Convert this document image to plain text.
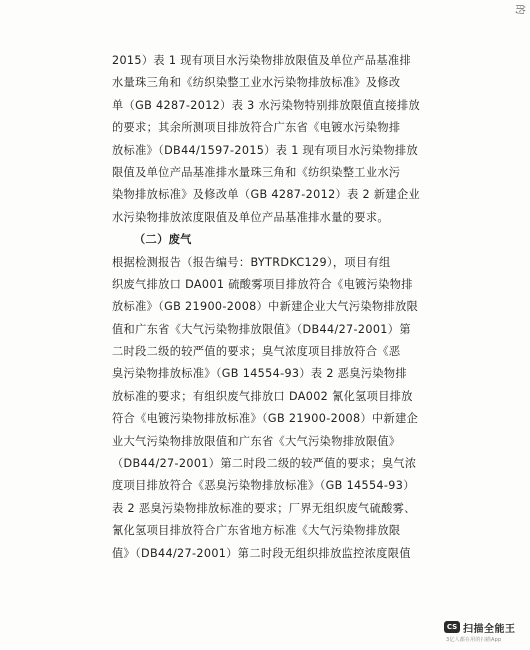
的
2015）表 1 现有项目水污染物排放限值及单位产品基准排
水量珠三角和《纺织染整工业水污染物排放标准》及修改
单（GB 4287-2012）表 3 水污染物特别排放限值直接排放
的要求；其余所测项目排放符合广东省《电镀水污染物排
放标准》（DB44/1597-2015）表 1 现有项目水污染物排放
限值及单位产品基准排水量珠三角和《纺织染整工业水污
染物排放标准》及修改单（GB 4287-2012）表 2 新建企业
水污染物排放浓度限值及单位产品基准排水量的要求。
（二）废气
根据检测报告（报告编号：BYTRDKC129），项目有组
织废气排放口 DA001 硫酸雾项目排放符合《电镀污染物排
放标准》（GB 21900-2008）中新建企业大气污染物排放限
值和广东省《大气污染物排放限值》（DB44/27-2001）第
二时段二级的较严值的要求；臭气浓度项目排放符合《恶
臭污染物排放标准》（GB 14554-93）表 2 恶臭污染物排
放标准的要求；有组织废气排放口 DA002 氰化氢项目排放
符合《电镀污染物排放标准》（GB 21900-2008）中新建企
业大气污染物排放限值和广东省《大气污染物排放限值》
（DB44/27-2001）第二时段二级的较严值的要求；臭气浓
度项目排放符合《恶臭污染物排放标准》（GB 14554-93）
表 2 恶臭污染物排放标准的要求；厂界无组织废气硫酸雾、
氰化氢项目排放符合广东省地方标准《大气污染物排放限
值》（DB44/27-2001）第二时段无组织排放监控浓度限值
CS 扫描全能王
3亿人都在用的扫描App
